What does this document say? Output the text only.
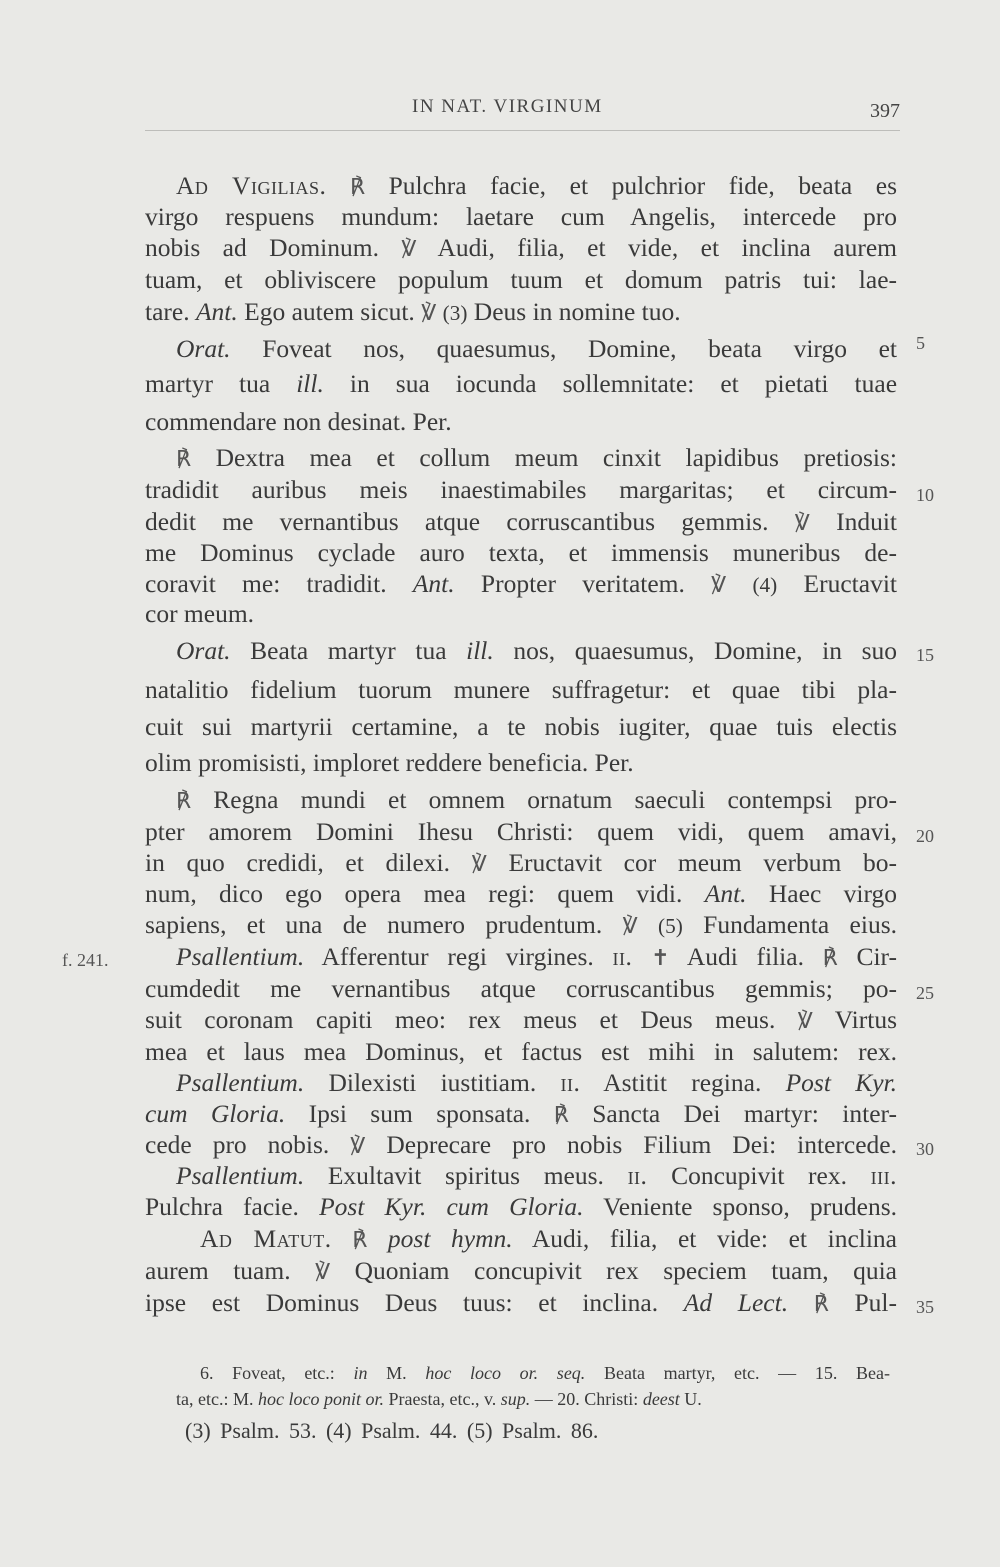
IN NAT. VIRGINUM	397
Ad Vigilias. ℟ Pulchra facie, et pulchrior fide, beata es
virgo respuens mundum: laetare cum Angelis, intercede pro
nobis ad Dominum. ℣ Audi, filia, et vide, et inclina aurem
tuam, et obliviscere populum tuum et domum patris tui: lae-
tare. Ant. Ego autem sicut. ℣ (3) Deus in nomine tuo.
Orat. Foveat nos, quaesumus, Domine, beata virgo et
martyr tua ill. in sua iocunda sollemnitate: et pietati tuae
commendare non desinat. Per.
℟ Dextra mea et collum meum cinxit lapidibus pretiosis:
tradidit auribus meis inaestimabiles margaritas; et circum-
dedit me vernantibus atque corruscantibus gemmis. ℣ Induit
me Dominus cyclade auro texta, et immensis muneribus de-
coravit me: tradidit. Ant. Propter veritatem. ℣ (4) Eructavit
cor meum.
Orat. Beata martyr tua ill. nos, quaesumus, Domine, in suo
natalitio fidelium tuorum munere suffragetur: et quae tibi pla-
cuit sui martyrii certamine, a te nobis iugiter, quae tuis electis
olim promisisti, imploret reddere beneficia. Per.
℟ Regna mundi et omnem ornatum saeculi contempsi pro-
pter amorem Domini Ihesu Christi: quem vidi, quem amavi,
in quo credidi, et dilexi. ℣ Eructavit cor meum verbum bo-
num, dico ego opera mea regi: quem vidi. Ant. Haec virgo
sapiens, et una de numero prudentum. ℣ (5) Fundamenta eius.
Psallentium. Afferentur regi virgines. ii. ✝ Audi filia. ℟ Cir-
cumdedit me vernantibus atque corruscantibus gemmis; po-
suit coronam capiti meo: rex meus et Deus meus. ℣ Virtus
mea et laus mea Dominus, et factus est mihi in salutem: rex.
Psallentium. Dilexisti iustitiam. ii. Astitit regina. Post Kyr.
cum Gloria. Ipsi sum sponsata. ℟ Sancta Dei martyr: inter-
cede pro nobis. ℣ Deprecare pro nobis Filium Dei: intercede.
Psallentium. Exultavit spiritus meus. ii. Concupivit rex. iii.
Pulchra facie. Post Kyr. cum Gloria. Veniente sponso, prudens.
Ad Matut. ℟ post hymn. Audi, filia, et vide: et inclina
aurem tuam. ℣ Quoniam concupivit rex speciem tuam, quia
ipse est Dominus Deus tuus: et inclina. Ad Lect. ℟ Pul-
5
10
15
20
25
30
35
f. 241.
6. Foveat, etc.: in M. hoc loco or. seq. Beata martyr, etc. — 15. Bea-
ta, etc.: M. hoc loco ponit or. Praesta, etc., v. sup. — 20. Christi: deest U.
(3) Psalm. 53. (4) Psalm. 44. (5) Psalm. 86.
